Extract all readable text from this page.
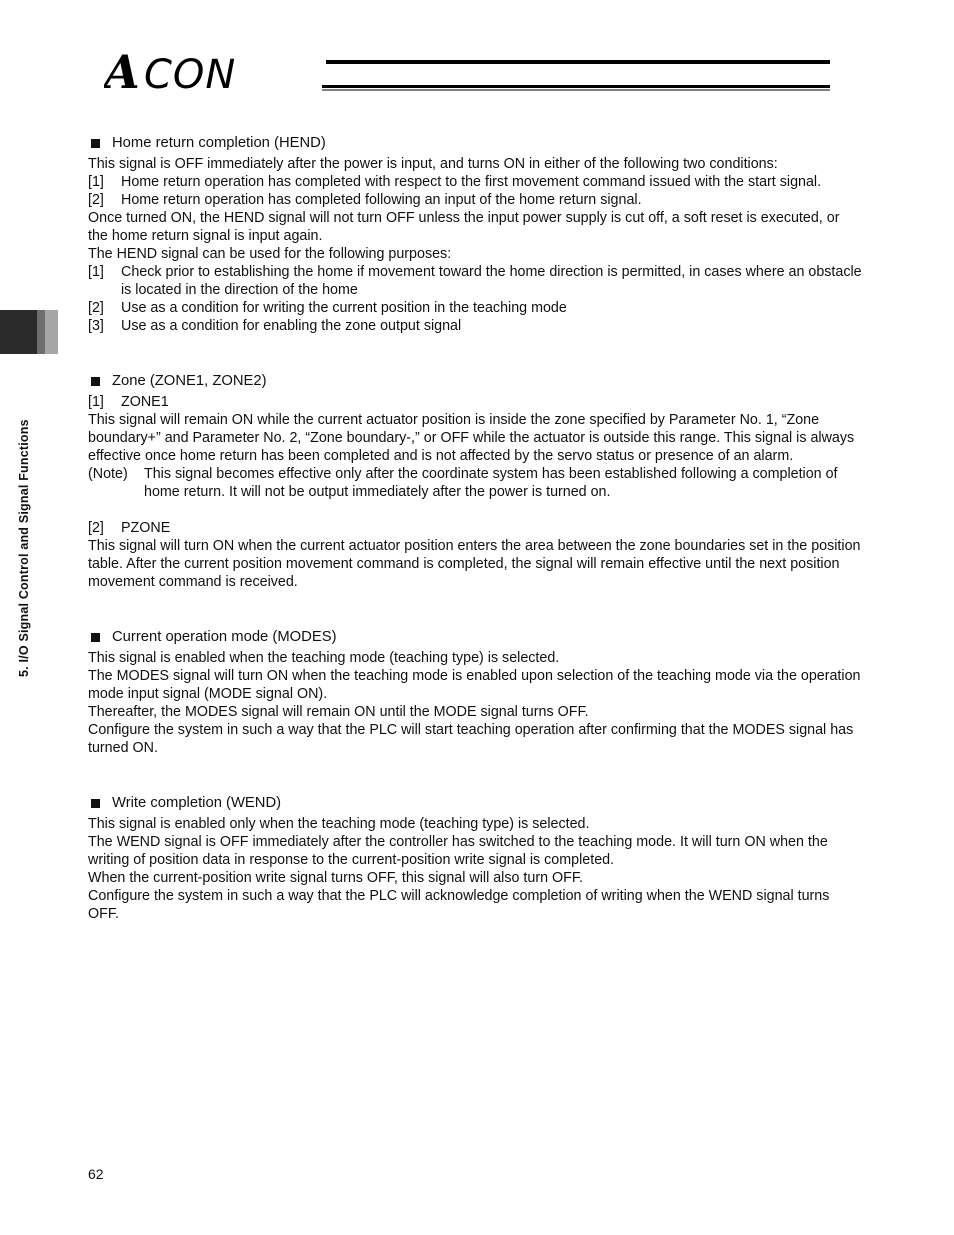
A CON
5. I/O Signal Control and Signal Functions
Home return completion (HEND)

This signal is OFF immediately after the power is input, and turns ON in either of the following two conditions:

[1]	Home return operation has completed with respect to the first movement command issued with the start signal.
[2]	Home return operation has completed following an input of the home return signal.

Once turned ON, the HEND signal will not turn OFF unless the input power supply is cut off, a soft reset is executed, or the home return signal is input again.

The HEND signal can be used for the following purposes:

[1]	Check prior to establishing the home if movement toward the home direction is permitted, in cases where an obstacle is located in the direction of the home
[2]	Use as a condition for writing the current position in the teaching mode
[3]	Use as a condition for enabling the zone output signal
Zone (ZONE1, ZONE2)
[1]	ZONE1

This signal will remain ON while the current actuator position is inside the zone specified by Parameter No. 1, “Zone boundary+” and Parameter No. 2, “Zone boundary-,” or OFF while the actuator is outside this range. This signal is always effective once home return has been completed and is not affected by the servo status or presence of an alarm.

(Note)	This signal becomes effective only after the coordinate system has been established following a completion of home return. It will not be output immediately after the power is turned on.
[2]	PZONE

This signal will turn ON when the current actuator position enters the area between the zone boundaries set in the position table. After the current position movement command is completed, the signal will remain effective until the next position movement command is received.

Current operation mode (MODES)

This signal is enabled when the teaching mode (teaching type) is selected.

The MODES signal will turn ON when the teaching mode is enabled upon selection of the teaching mode via the operation mode input signal (MODE signal ON).

Thereafter, the MODES signal will remain ON until the MODE signal turns OFF.

Configure the system in such a way that the PLC will start teaching operation after confirming that the MODES signal has turned ON.

Write completion (WEND)

This signal is enabled only when the teaching mode (teaching type) is selected.

The WEND signal is OFF immediately after the controller has switched to the teaching mode. It will turn ON when the writing of position data in response to the current-position write signal is completed.

When the current-position write signal turns OFF, this signal will also turn OFF.

Configure the system in such a way that the PLC will acknowledge completion of writing when the WEND signal turns OFF.

62
